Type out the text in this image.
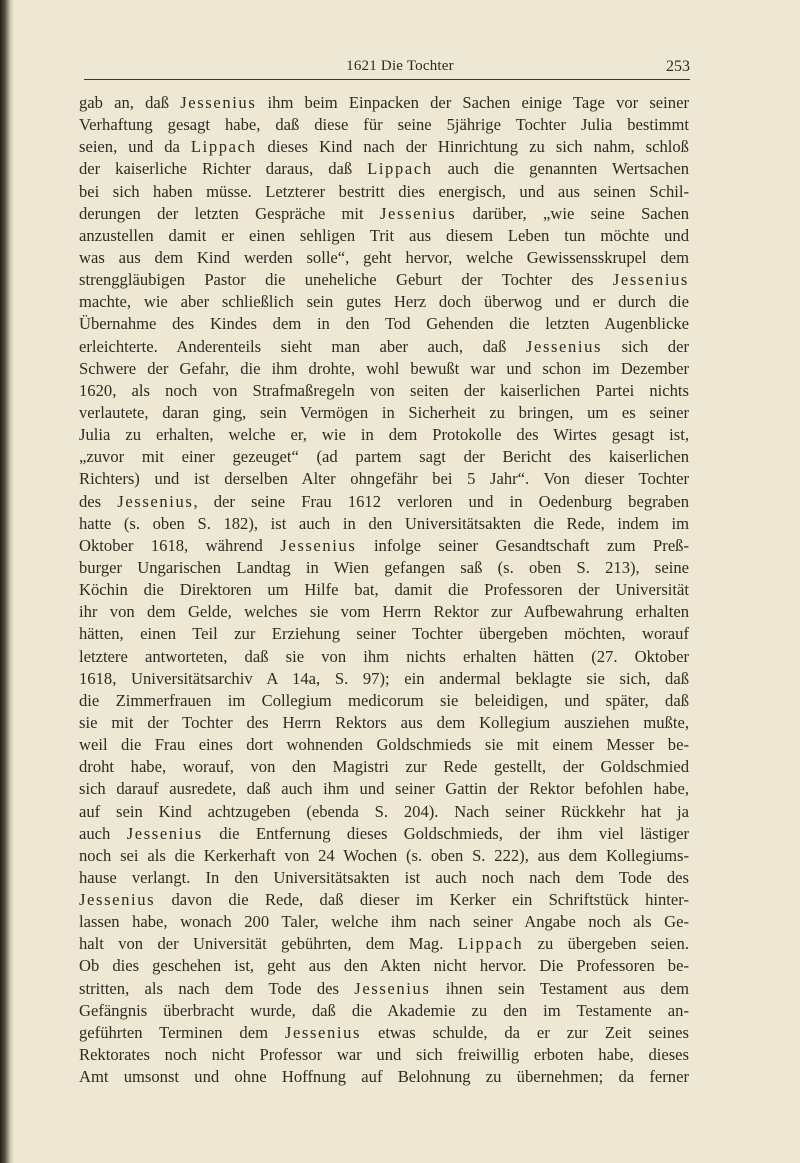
1621 Die Tochter	253
gab an, daß Jessenius ihm beim Einpacken der Sachen einige Tage vor seiner
Verhaftung gesagt habe, daß diese für seine 5jährige Tochter Julia bestimmt
seien, und da Lippach dieses Kind nach der Hinrichtung zu sich nahm, schloß
der kaiserliche Richter daraus, daß Lippach auch die genannten Wertsachen
bei sich haben müsse. Letzterer bestritt dies energisch, und aus seinen Schil-
derungen der letzten Gespräche mit Jessenius darüber, „wie seine Sachen
anzustellen damit er einen sehligen Trit aus diesem Leben tun möchte und
was aus dem Kind werden solle“, geht hervor, welche Gewissensskrupel dem
strenggläubigen Pastor die uneheliche Geburt der Tochter des Jessenius
machte, wie aber schließlich sein gutes Herz doch überwog und er durch die
Übernahme des Kindes dem in den Tod Gehenden die letzten Augenblicke
erleichterte. Anderenteils sieht man aber auch, daß Jessenius sich der
Schwere der Gefahr, die ihm drohte, wohl bewußt war und schon im Dezember
1620, als noch von Strafmaßregeln von seiten der kaiserlichen Partei nichts
verlautete, daran ging, sein Vermögen in Sicherheit zu bringen, um es seiner
Julia zu erhalten, welche er, wie in dem Protokolle des Wirtes gesagt ist,
„zuvor mit einer gezeuget“ (ad partem sagt der Bericht des kaiserlichen
Richters) und ist derselben Alter ohngefähr bei 5 Jahr“. Von dieser Tochter
des Jessenius, der seine Frau 1612 verloren und in Oedenburg begraben
hatte (s. oben S. 182), ist auch in den Universitätsakten die Rede, indem im
Oktober 1618, während Jessenius infolge seiner Gesandtschaft zum Preß-
burger Ungarischen Landtag in Wien gefangen saß (s. oben S. 213), seine
Köchin die Direktoren um Hilfe bat, damit die Professoren der Universität
ihr von dem Gelde, welches sie vom Herrn Rektor zur Aufbewahrung erhalten
hätten, einen Teil zur Erziehung seiner Tochter übergeben möchten, worauf
letztere antworteten, daß sie von ihm nichts erhalten hätten (27. Oktober
1618, Universitätsarchiv A 14a, S. 97); ein andermal beklagte sie sich, daß
die Zimmerfrauen im Collegium medicorum sie beleidigen, und später, daß
sie mit der Tochter des Herrn Rektors aus dem Kollegium ausziehen mußte,
weil die Frau eines dort wohnenden Goldschmieds sie mit einem Messer be-
droht habe, worauf, von den Magistri zur Rede gestellt, der Goldschmied
sich darauf ausredete, daß auch ihm und seiner Gattin der Rektor befohlen habe,
auf sein Kind achtzugeben (ebenda S. 204). Nach seiner Rückkehr hat ja
auch Jessenius die Entfernung dieses Goldschmieds, der ihm viel lästiger
noch sei als die Kerkerhaft von 24 Wochen (s. oben S. 222), aus dem Kollegiums-
hause verlangt. In den Universitätsakten ist auch noch nach dem Tode des
Jessenius davon die Rede, daß dieser im Kerker ein Schriftstück hinter-
lassen habe, wonach 200 Taler, welche ihm nach seiner Angabe noch als Ge-
halt von der Universität gebührten, dem Mag. Lippach zu übergeben seien.
Ob dies geschehen ist, geht aus den Akten nicht hervor. Die Professoren be-
stritten, als nach dem Tode des Jessenius ihnen sein Testament aus dem
Gefängnis überbracht wurde, daß die Akademie zu den im Testamente an-
geführten Terminen dem Jessenius etwas schulde, da er zur Zeit seines
Rektorates noch nicht Professor war und sich freiwillig erboten habe, dieses
Amt umsonst und ohne Hoffnung auf Belohnung zu übernehmen; da ferner
